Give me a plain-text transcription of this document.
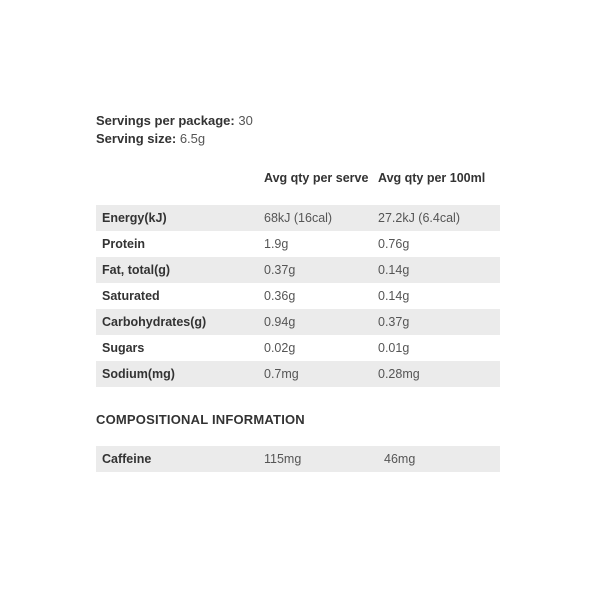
Servings per package: 30
Serving size: 6.5g
	Avg qty per serve	Avg qty per 100ml
Energy(kJ)	68kJ (16cal)	27.2kJ (6.4cal)
Protein	1.9g	0.76g
Fat, total(g)	0.37g	0.14g
Saturated	0.36g	0.14g
Carbohydrates(g)	0.94g	0.37g
Sugars	0.02g	0.01g
Sodium(mg)	0.7mg	0.28mg
COMPOSITIONAL INFORMATION
Caffeine	115mg	46mg
